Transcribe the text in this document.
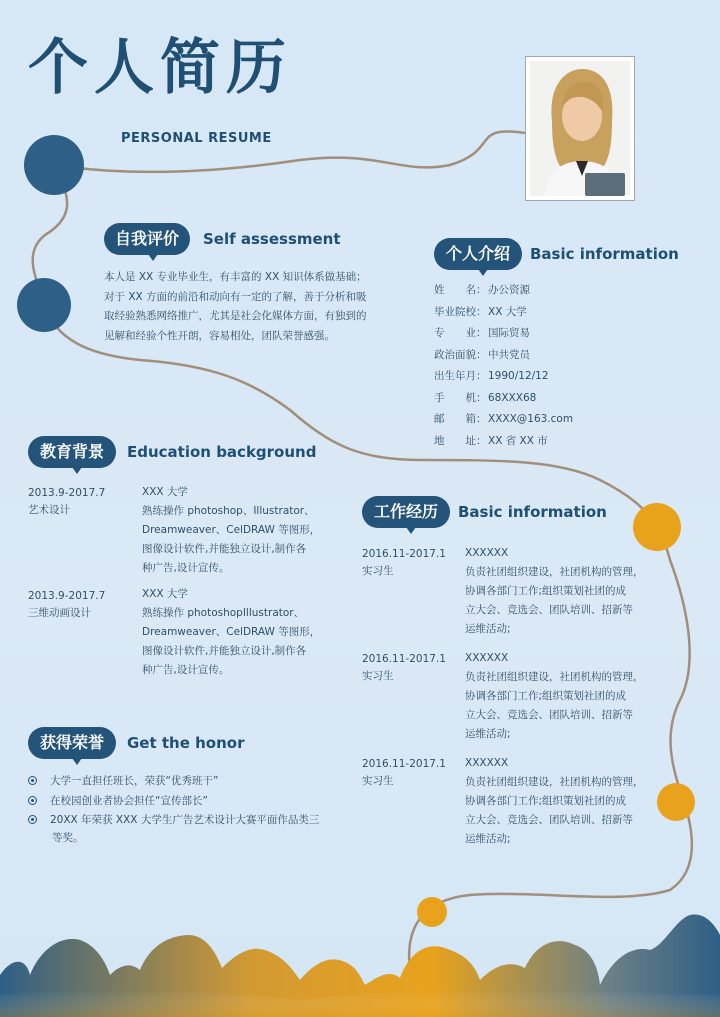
个人简历
PERSONAL RESUME
自我评价	Self assessment
本人是 XX 专业毕业生，有丰富的 XX 知识体系做基础；
对于 XX 方面的前沿和动向有一定的了解，善于分析和吸
取经验熟悉网络推广，尤其是社会化媒体方面，有独到的
见解和经验个性开朗，容易相处，团队荣誉感强。
个人介绍	Basic information
姓　　名： 办公资源
毕业院校： XX 大学
专　　业： 国际贸易
政治面貌： 中共党员
出生年月： 1990/12/12
手　　机： 68XXX68
邮　　箱： XXXX@163.com
地　　址： XX 省 XX 市
教育背景	Education background
2013.9-2017.7
艺术设计
XXX 大学
熟练操作 photoshop、Illustrator、
Dreamweaver、CelDRAW 等图形，
图像设计软件,并能独立设计,制作各
种广告,设计宣传。
2013.9-2017.7
三维动画设计
XXX 大学
熟练操作 photoshopIllustrator、
Dreamweaver、CelDRAW 等图形，
图像设计软件,并能独立设计,制作各
种广告,设计宣传。
工作经历	Basic information
2016.11-2017.1
实习生
XXXXXX
负责社团组织建设，社团机构的管理，
协调各部门工作;组织策划社团的成
立大会、竞选会、团队培训、招新等
运维活动;
2016.11-2017.1
实习生
XXXXXX
负责社团组织建设，社团机构的管理，
协调各部门工作;组织策划社团的成
立大会、竞选会、团队培训、招新等
运维活动;
2016.11-2017.1
实习生
XXXXXX
负责社团组织建设，社团机构的管理，
协调各部门工作;组织策划社团的成
立大会、竞选会、团队培训、招新等
运维活动;
获得荣誉	Get the honor
大学一直担任班长，荣获“优秀班干”
在校园创业者协会担任“宣传部长”
20XX 年荣获 XXX 大学生广告艺术设计大赛平面作品类三
等奖。
